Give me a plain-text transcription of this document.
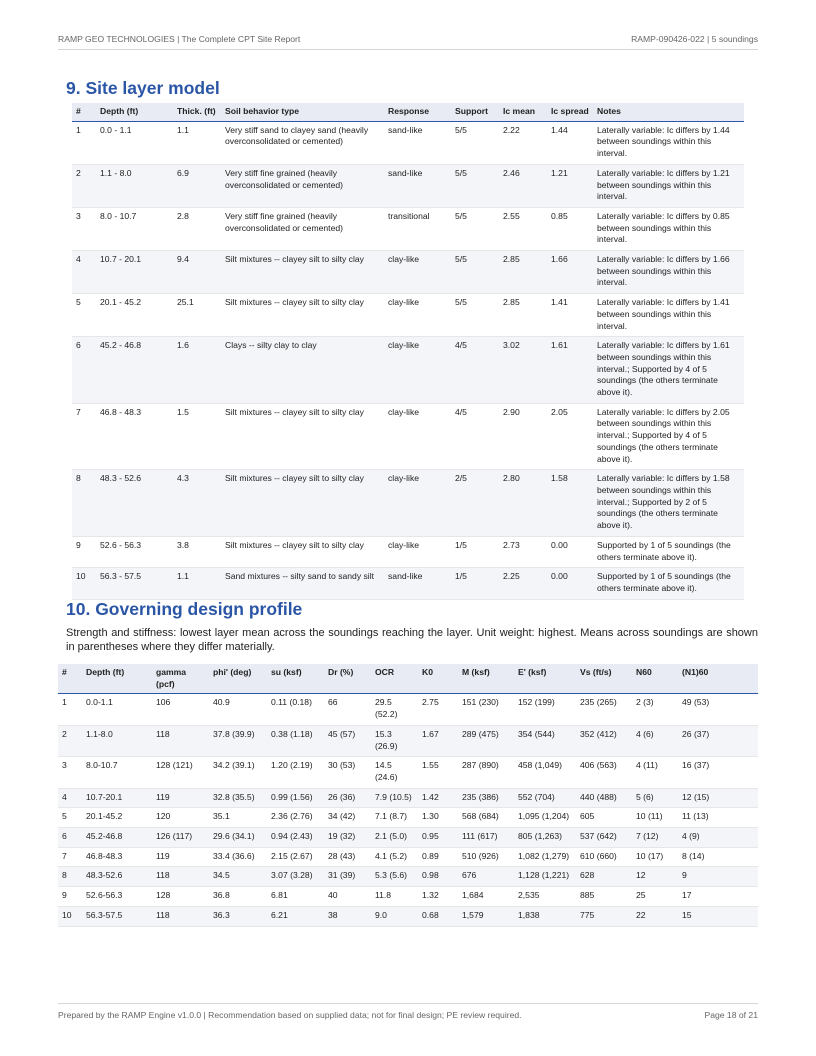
RAMP GEO TECHNOLOGIES | The Complete CPT Site Report	RAMP-090426-022 | 5 soundings
9. Site layer model
#	Depth (ft)	Thick. (ft)	Soil behavior type	Response	Support	Ic mean	Ic spread	Notes
1	0.0 - 1.1	1.1	Very stiff sand to clayey sand (heavily overconsolidated or cemented)	sand-like	5/5	2.22	1.44	Laterally variable: Ic differs by 1.44 between soundings within this interval.
2	1.1 - 8.0	6.9	Very stiff fine grained (heavily overconsolidated or cemented)	sand-like	5/5	2.46	1.21	Laterally variable: Ic differs by 1.21 between soundings within this interval.
3	8.0 - 10.7	2.8	Very stiff fine grained (heavily overconsolidated or cemented)	transitional	5/5	2.55	0.85	Laterally variable: Ic differs by 0.85 between soundings within this interval.
4	10.7 - 20.1	9.4	Silt mixtures -- clayey silt to silty clay	clay-like	5/5	2.85	1.66	Laterally variable: Ic differs by 1.66 between soundings within this interval.
5	20.1 - 45.2	25.1	Silt mixtures -- clayey silt to silty clay	clay-like	5/5	2.85	1.41	Laterally variable: Ic differs by 1.41 between soundings within this interval.
6	45.2 - 46.8	1.6	Clays -- silty clay to clay	clay-like	4/5	3.02	1.61	Laterally variable: Ic differs by 1.61 between soundings within this interval.; Supported by 4 of 5 soundings (the others terminate above it).
7	46.8 - 48.3	1.5	Silt mixtures -- clayey silt to silty clay	clay-like	4/5	2.90	2.05	Laterally variable: Ic differs by 2.05 between soundings within this interval.; Supported by 4 of 5 soundings (the others terminate above it).
8	48.3 - 52.6	4.3	Silt mixtures -- clayey silt to silty clay	clay-like	2/5	2.80	1.58	Laterally variable: Ic differs by 1.58 between soundings within this interval.; Supported by 2 of 5 soundings (the others terminate above it).
9	52.6 - 56.3	3.8	Silt mixtures -- clayey silt to silty clay	clay-like	1/5	2.73	0.00	Supported by 1 of 5 soundings (the others terminate above it).
10	56.3 - 57.5	1.1	Sand mixtures -- silty sand to sandy silt	sand-like	1/5	2.25	0.00	Supported by 1 of 5 soundings (the others terminate above it).
10. Governing design profile
Strength and stiffness: lowest layer mean across the soundings reaching the layer. Unit weight: highest. Means across soundings are shown in parentheses where they differ materially.
#	Depth (ft)	gamma (pcf)	phi' (deg)	su (ksf)	Dr (%)	OCR	K0	M (ksf)	E' (ksf)	Vs (ft/s)	N60	(N1)60
1	0.0-1.1	106	40.9	0.11 (0.18)	66	29.5 (52.2)	2.75	151 (230)	152 (199)	235 (265)	2 (3)	49 (53)
2	1.1-8.0	118	37.8 (39.9)	0.38 (1.18)	45 (57)	15.3 (26.9)	1.67	289 (475)	354 (544)	352 (412)	4 (6)	26 (37)
3	8.0-10.7	128 (121)	34.2 (39.1)	1.20 (2.19)	30 (53)	14.5 (24.6)	1.55	287 (890)	458 (1,049)	406 (563)	4 (11)	16 (37)
4	10.7-20.1	119	32.8 (35.5)	0.99 (1.56)	26 (36)	7.9 (10.5)	1.42	235 (386)	552 (704)	440 (488)	5 (6)	12 (15)
5	20.1-45.2	120	35.1	2.36 (2.76)	34 (42)	7.1 (8.7)	1.30	568 (684)	1,095 (1,204)	605	10 (11)	11 (13)
6	45.2-46.8	126 (117)	29.6 (34.1)	0.94 (2.43)	19 (32)	2.1 (5.0)	0.95	111 (617)	805 (1,263)	537 (642)	7 (12)	4 (9)
7	46.8-48.3	119	33.4 (36.6)	2.15 (2.67)	28 (43)	4.1 (5.2)	0.89	510 (926)	1,082 (1,279)	610 (660)	10 (17)	8 (14)
8	48.3-52.6	118	34.5	3.07 (3.28)	31 (39)	5.3 (5.6)	0.98	676	1,128 (1,221)	628	12	9
9	52.6-56.3	128	36.8	6.81	40	11.8	1.32	1,684	2,535	885	25	17
10	56.3-57.5	118	36.3	6.21	38	9.0	0.68	1,579	1,838	775	22	15
Prepared by the RAMP Engine v1.0.0 | Recommendation based on supplied data; not for final design; PE review required.	Page 18 of 21
